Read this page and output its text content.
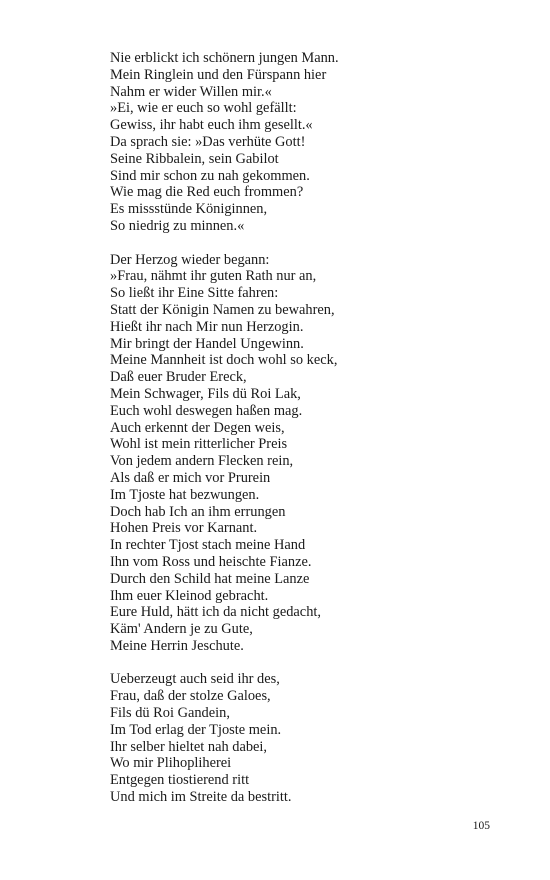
Nie erblickt ich schönern jungen Mann.
Mein Ringlein und den Fürspann hier
Nahm er wider Willen mir.«
»Ei, wie er euch so wohl gefällt:
Gewiss, ihr habt euch ihm gesellt.«
Da sprach sie: »Das verhüte Gott!
Seine Ribbalein, sein Gabilot
Sind mir schon zu nah gekommen.
Wie mag die Red euch frommen?
Es missstünde Königinnen,
So niedrig zu minnen.«
Der Herzog wieder begann:
»Frau, nähmt ihr guten Rath nur an,
So ließt ihr Eine Sitte fahren:
Statt der Königin Namen zu bewahren,
Hießt ihr nach Mir nun Herzogin.
Mir bringt der Handel Ungewinn.
Meine Mannheit ist doch wohl so keck,
Daß euer Bruder Ereck,
Mein Schwager, Fils dü Roi Lak,
Euch wohl deswegen haßen mag.
Auch erkennt der Degen weis,
Wohl ist mein ritterlicher Preis
Von jedem andern Flecken rein,
Als daß er mich vor Prurein
Im Tjoste hat bezwungen.
Doch hab Ich an ihm errungen
Hohen Preis vor Karnant.
In rechter Tjost stach meine Hand
Ihn vom Ross und heischte Fianze.
Durch den Schild hat meine Lanze
Ihm euer Kleinod gebracht.
Eure Huld, hätt ich da nicht gedacht,
Käm' Andern je zu Gute,
Meine Herrin Jeschute.
Ueberzeugt auch seid ihr des,
Frau, daß der stolze Galoes,
Fils dü Roi Gandein,
Im Tod erlag der Tjoste mein.
Ihr selber hieltet nah dabei,
Wo mir Plihopliherei
Entgegen tiostierend ritt
Und mich im Streite da bestritt.
105
